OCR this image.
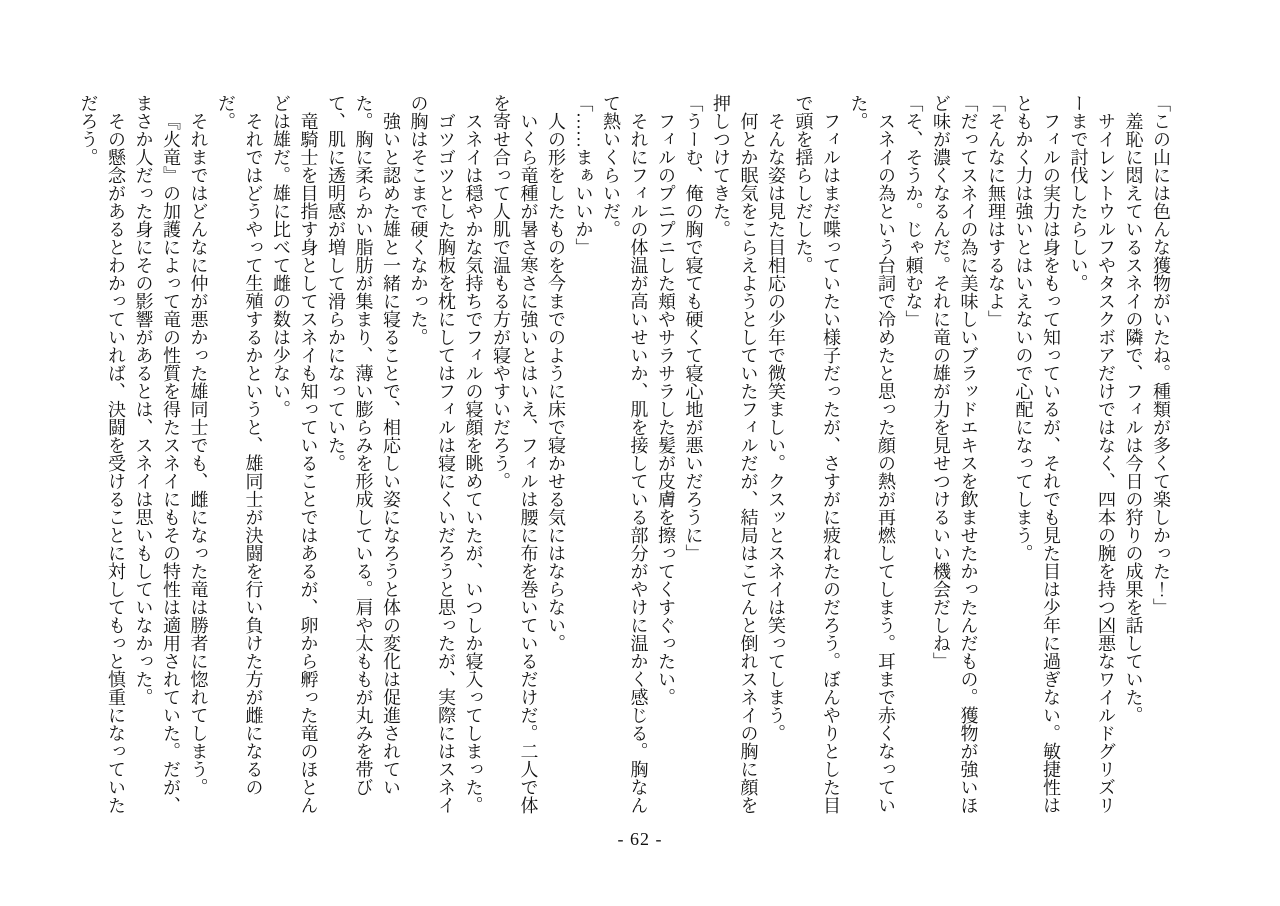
「この山には色んな獲物がいたね。種類が多くて楽しかった！」

羞恥に悶えているスネイの隣で、フィルは今日の狩りの成果を話していた。

サイレントウルフやタスクボアだけではなく、四本の腕を持つ凶悪なワイルドグリズリーまで討伐したらしい。

フィルの実力は身をもって知っているが、それでも見た目は少年に過ぎない。敏捷性はともかく力は強いとはいえないので心配になってしまう。

「そんなに無理はするなよ」

「だってスネイの為に美味しいブラッドエキスを飲ませたかったんだもの。獲物が強いほど味が濃くなるんだ。それに竜の雄が力を見せつけるいい機会だしね」

「そ、そうか。じゃ頼むな」

スネイの為という台詞で冷めたと思った顔の熱が再燃してしまう。耳まで赤くなっていた。

フィルはまだ喋っていたい様子だったが、さすがに疲れたのだろう。ぼんやりとした目で頭を揺らしだした。

そんな姿は見た目相応の少年で微笑ましい。クスッとスネイは笑ってしまう。

何とか眠気をこらえようとしていたフィルだが、結局はこてんと倒れスネイの胸に顔を押しつけてきた。

「うーむ、俺の胸で寝ても硬くて寝心地が悪いだろうに」

フィルのプニプニした頬やサラサラした髪が皮膚を擦ってくすぐったい。

それにフィルの体温が高いせいか、肌を接している部分がやけに温かく感じる。胸なんて熱いくらいだ。

「……まぁいいか」

人の形をしたものを今までのように床で寝かせる気にはならない。

いくら竜種が暑さ寒さに強いとはいえ、フィルは腰に布を巻いているだけだ。二人で体を寄せ合って人肌で温もる方が寝やすいだろう。

スネイは穏やかな気持ちでフィルの寝顔を眺めていたが、いつしか寝入ってしまった。

ゴツゴツとした胸板を枕にしてはフィルは寝にくいだろうと思ったが、実際にはスネイの胸はそこまで硬くなかった。

強いと認めた雄と一緒に寝ることで、相応しい姿になろうと体の変化は促進されていた。胸に柔らかい脂肪が集まり、薄い膨らみを形成している。肩や太ももが丸みを帯びて、肌に透明感が増して滑らかになっていた。

竜騎士を目指す身としてスネイも知っていることではあるが、卵から孵った竜のほとんどは雄だ。雄に比べて雌の数は少ない。

それではどうやって生殖するかというと、雄同士が決闘を行い負けた方が雌になるのだ。

それまではどんなに仲が悪かった雄同士でも、雌になった竜は勝者に惚れてしまう。

『火竜』の加護によって竜の性質を得たスネイにもその特性は適用されていた。だが、まさか人だった身にその影響があるとは、スネイは思いもしていなかった。

その懸念があるとわかっていれば、決闘を受けることに対してもっと慎重になっていただろう。

- 62 -
